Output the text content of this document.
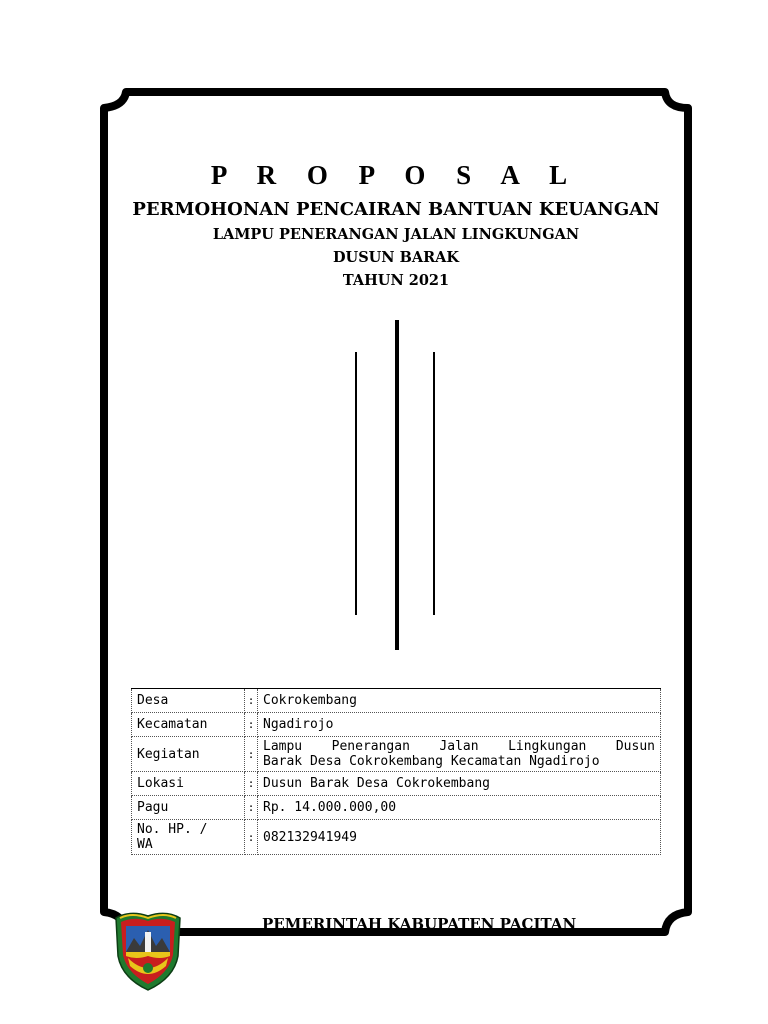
P R O P O S A L
PERMOHONAN PENCAIRAN BANTUAN KEUANGAN
LAMPU PENERANGAN JALAN LINGKUNGAN
DUSUN BARAK
TAHUN 2021
Desa	:	Cokrokembang
Kecamatan	:	Ngadirojo
Kegiatan	:	Lampu Penerangan Jalan Lingkungan Dusun
Barak Desa Cokrokembang Kecamatan Ngadirojo

Lokasi	:	Dusun Barak Desa Cokrokembang
Pagu	:	Rp. 14.000.000,00

No. HP. /
WA	:	082132941949
PEMERINTAH KABUPATEN PACITAN
